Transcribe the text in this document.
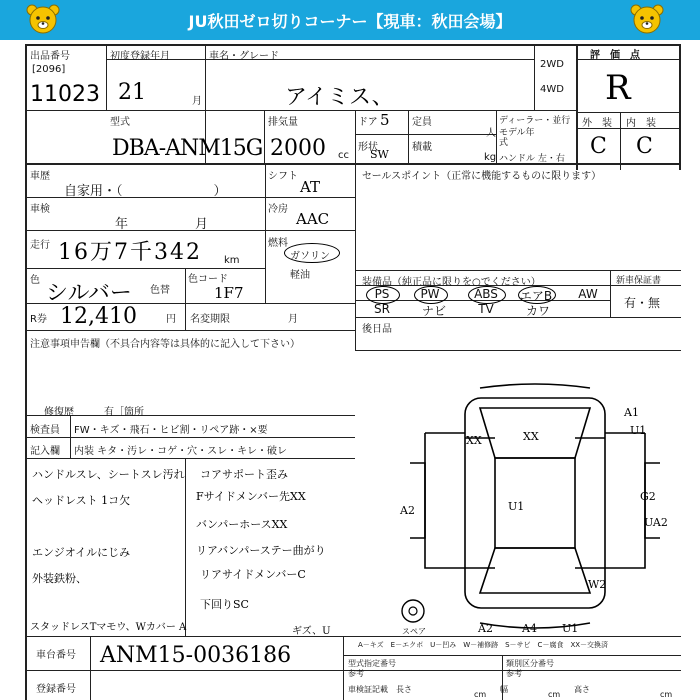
JU秋田ゼロ切りコーナー【現車：秋田会場】
出品番号
[2096]
11023
初度登録年月
21	月
車名・グレード
アイミス、
2WD
4WD
評　価　点
R
外　装 内　装
C C
型式
DBA-ANM15G
排気量
2000 cc
ドア 5
形状
SW
定員
人
積載
kg
ディーラー・並行
モデル年式
ハンドル 左・右
車歴
自家用・（　　　　　　　）
車検
年	月
走行 16万7千342 km
色
シルバー 色替
色コード
1F7
R券 12,410	円 名変期限	月
注意事項申告欄（不具合内容等は具体的に記入して下さい）
修復歴	有［箇所
検査員 FW・キズ・飛石・ヒビ割・リペア跡・×要
記入欄 内装 キタ・汚レ・コゲ・穴・スレ・キレ・破レ
シフト
AT
冷房
AAC
燃料
ガソリン
軽油
セールスポイント（正常に機能するものに限ります）
装備品（純正品に限りを○でください）	新車保証書
有・無
PS	PW	ABS	エアB	AW
SR	ナビ	TV	カワ
後日品
スペア
XX	XX
U1
A1
A2
U1
G2
UA2
W2
A2	A4 U1
A－キズ　E－エクボ　U－凹み　W－補修跡　S－サビ　C－腐食　XX－交換済
ハンドルスレ、シートスレ汚れ
ヘッドレスト 1コ欠
エンジオイルにじみ
外装鉄粉、
スタッドレスTマモウ、Wカバー A
コアサポート歪み
Fサイドメンバー先XX
バンパーホースXX
リアバンパーステー曲がり
リアサイドメンバーC
下回りSC
ギズ、U
車台番号 ANM15-0036186
登録番号
型式指定番号
参考
類別区分番号
参考
車検証記載 長さ
cm
幅
cm
高さ
cm
